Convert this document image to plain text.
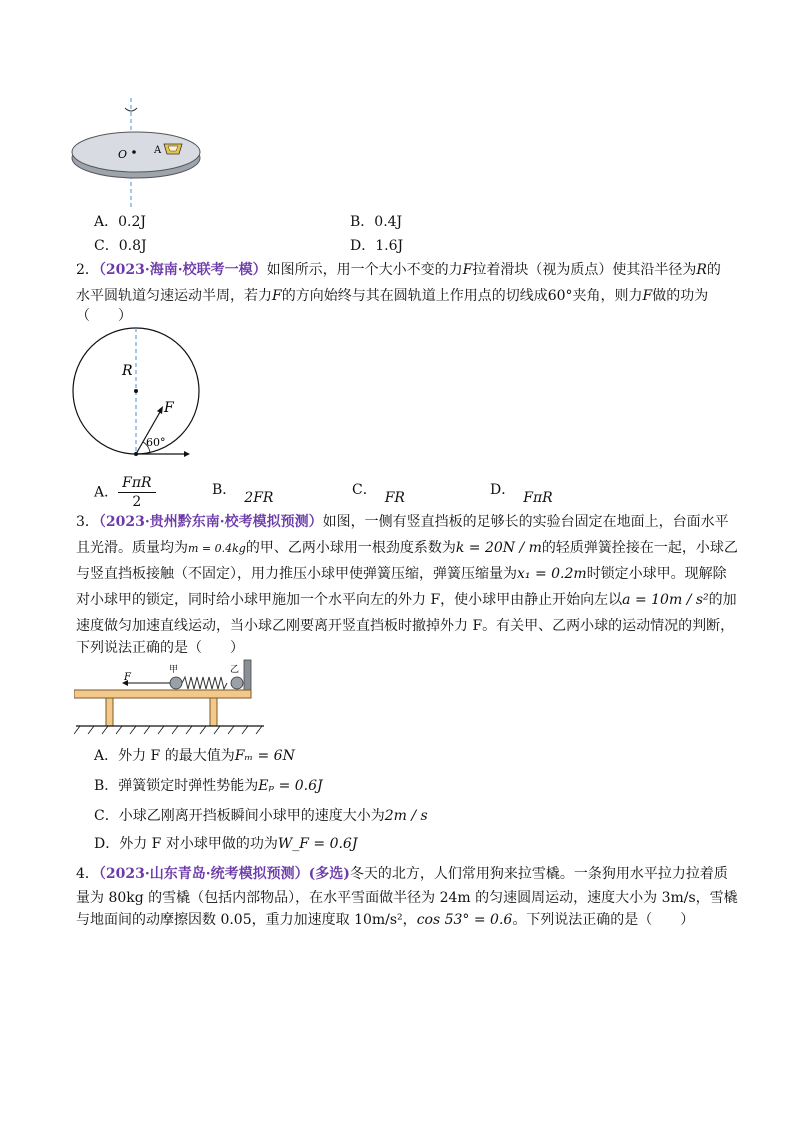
O	A
A．0.2J	B．0.4J
C．0.8J	D．1.6J
2．（2023·海南·校联考一模）如图所示，用一个大小不变的力F拉着滑块（视为质点）使其沿半径为R的
水平圆轨道匀速运动半周，若力F的方向始终与其在圆轨道上作用点的切线成60°夹角，则力F做的功为
（　　）
R
F
60°
A． $\frac{\text{FπR}}{2}$	B． 2FR	C． FR	D． FπR
3．（2023·贵州黔东南·校考模拟预测）如图，一侧有竖直挡板的足够长的实验台固定在地面上，台面水平
且光滑。质量均为m = 0.4kg的甲、乙两小球用一根劲度系数为k = 20N / m的轻质弹簧拴接在一起，小球乙
与竖直挡板接触（不固定），用力推压小球甲使弹簧压缩，弹簧压缩量为x₁ = 0.2m时锁定小球甲。现解除
对小球甲的锁定，同时给小球甲施加一个水平向左的外力 F，使小球甲由静止开始向左以a = 10m / s²的加
速度做匀加速直线运动，当小球乙刚要离开竖直挡板时撤掉外力 F。有关甲、乙两小球的运动情况的判断，
下列说法正确的是（　　）
F
甲	乙
A．外力 F 的最大值为Fₘ = 6N
B．弹簧锁定时弹性势能为Eₚ = 0.6J
C．小球乙刚离开挡板瞬间小球甲的速度大小为2m / s
D．外力 F 对小球甲做的功为W_F = 0.6J
4．（2023·山东青岛·统考模拟预测）(多选)冬天的北方，人们常用狗来拉雪橇。一条狗用水平拉力拉着质
量为 80kg 的雪橇（包括内部物品），在水平雪面做半径为 24m 的匀速圆周运动，速度大小为 3m/s，雪橇
与地面间的动摩擦因数 0.05，重力加速度取 10m/s²，cos 53° = 0.6。下列说法正确的是（　　）
